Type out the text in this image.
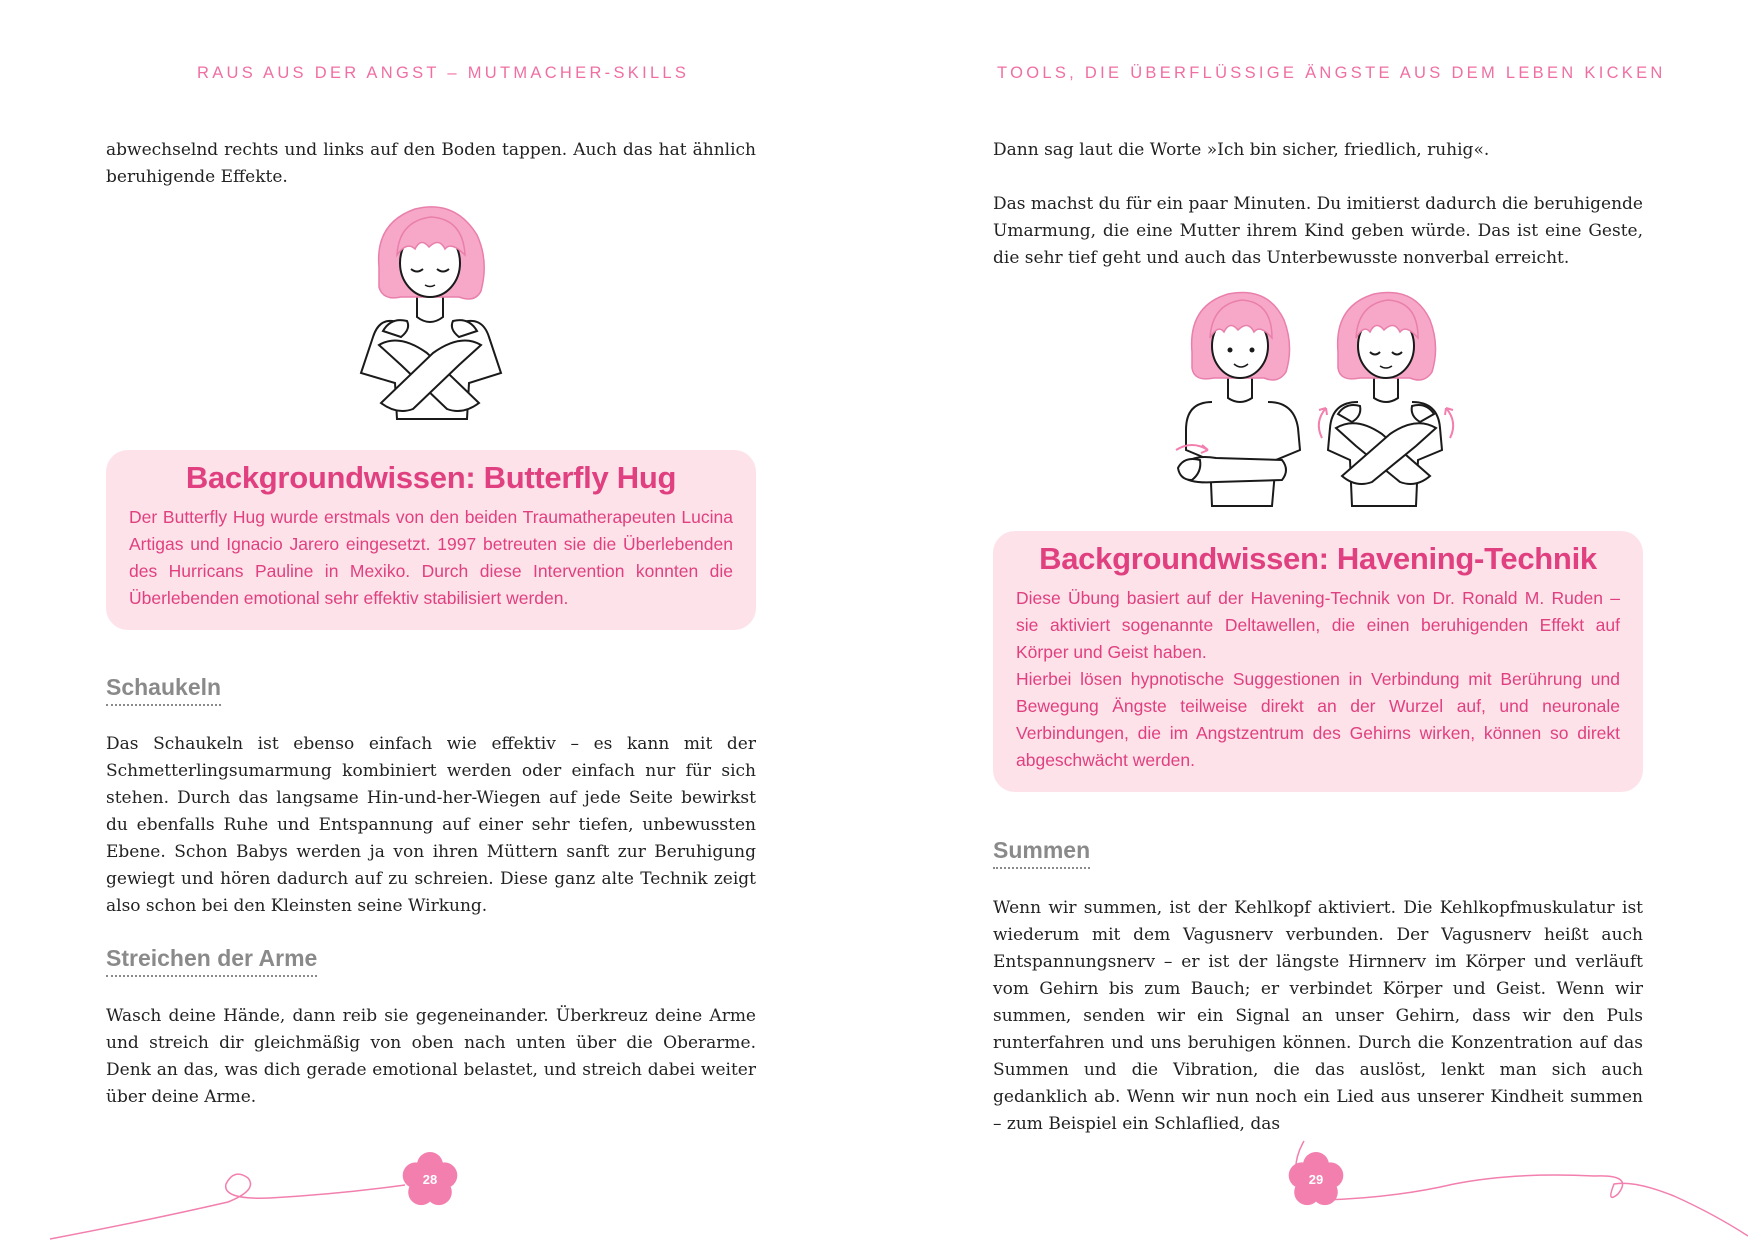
RAUS AUS DER ANGST – MUTMACHER-SKILLS

abwechselnd rechts und links auf den Boden tappen. Auch das hat ähnlich beruhigende Effekte.

Backgroundwissen: Butterfly Hug

Der Butterfly Hug wurde erstmals von den beiden Traumatherapeuten Lucina Artigas und Ignacio Jarero eingesetzt. 1997 betreuten sie die Überlebenden des Hurricans Pauline in Mexiko. Durch diese Intervention konnten die Überlebenden emotional sehr effektiv stabilisiert werden.

Schaukeln

Das Schaukeln ist ebenso einfach wie effektiv – es kann mit der Schmetterlingsumarmung kombiniert werden oder einfach nur für sich stehen. Durch das langsame Hin-und-her-Wiegen auf jede Seite bewirkst du ebenfalls Ruhe und Entspannung auf einer sehr tiefen, unbewussten Ebene. Schon Babys werden ja von ihren Müttern sanft zur Beruhigung gewiegt und hören dadurch auf zu schreien. Diese ganz alte Technik zeigt also schon bei den Kleinsten seine Wirkung.

Streichen der Arme

Wasch deine Hände, dann reib sie gegeneinander. Überkreuz deine Arme und streich dir gleichmäßig von oben nach unten über die Oberarme. Denk an das, was dich gerade emotional belastet, und streich dabei weiter über deine Arme.

28
TOOLS, DIE ÜBERFLÜSSIGE ÄNGSTE AUS DEM LEBEN KICKEN

Dann sag laut die Worte »Ich bin sicher, friedlich, ruhig«.

Das machst du für ein paar Minuten. Du imitierst dadurch die beruhigende Umarmung, die eine Mutter ihrem Kind geben würde. Das ist eine Geste, die sehr tief geht und auch das Unterbewusste nonverbal erreicht.

Backgroundwissen: Havening-Technik

Diese Übung basiert auf der Havening-Technik von Dr. Ronald M. Ruden – sie aktiviert sogenannte Deltawellen, die einen beruhigenden Effekt auf Körper und Geist haben.

Hierbei lösen hypnotische Suggestionen in Verbindung mit Berührung und Bewegung Ängste teilweise direkt an der Wurzel auf, und neuronale Verbindungen, die im Angstzentrum des Gehirns wirken, können so direkt abgeschwächt werden.

Summen

Wenn wir summen, ist der Kehlkopf aktiviert. Die Kehlkopfmuskulatur ist wiederum mit dem Vagusnerv verbunden. Der Vagusnerv heißt auch Entspannungsnerv – er ist der längste Hirnnerv im Körper und verläuft vom Gehirn bis zum Bauch; er verbindet Körper und Geist. Wenn wir summen, senden wir ein Signal an unser Gehirn, dass wir den Puls runterfahren und uns beruhigen können. Durch die Konzentration auf das Summen und die Vibration, die das auslöst, lenkt man sich auch gedanklich ab. Wenn wir nun noch ein Lied aus unserer Kindheit summen – zum Beispiel ein Schlaflied, das

29
